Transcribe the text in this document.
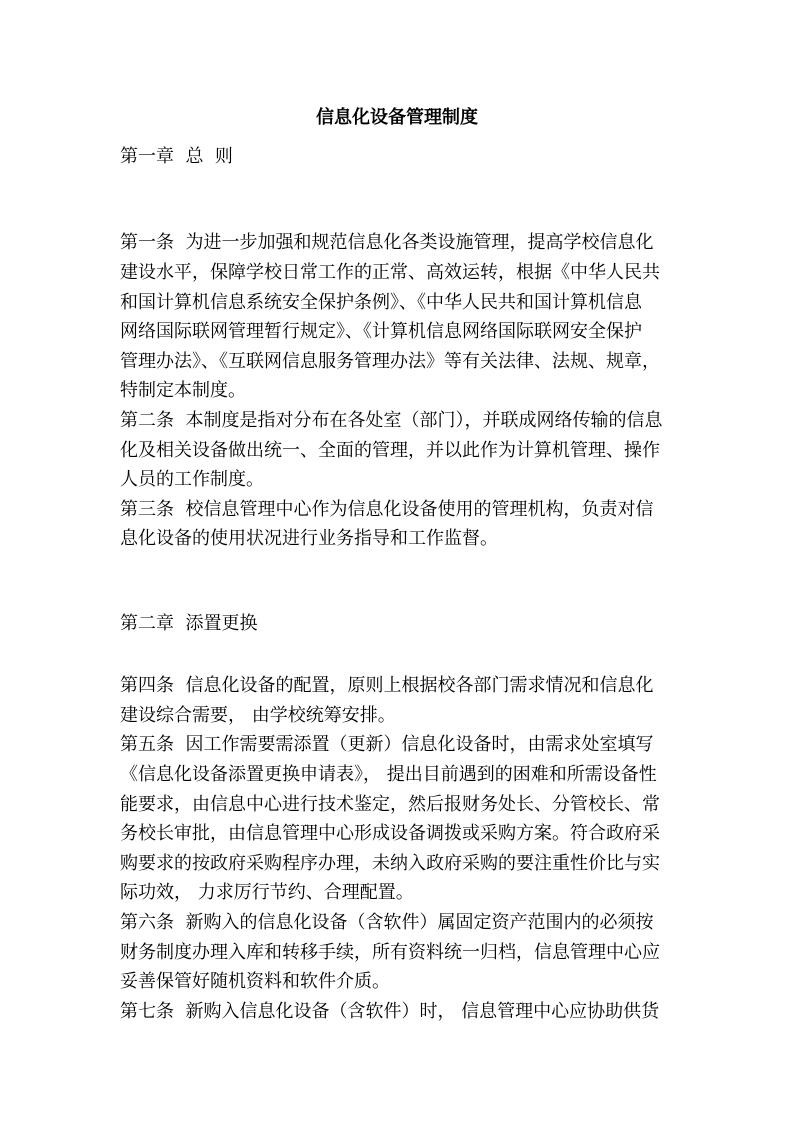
信息化设备管理制度
第一章  总  则
第一条  为进一步加强和规范信息化各类设施管理，提高学校信息化
建设水平，保障学校日常工作的正常、高效运转，根据《中华人民共
和国计算机信息系统安全保护条例》、《中华人民共和国计算机信息
网络国际联网管理暂行规定》、《计算机信息网络国际联网安全保护
管理办法》、《互联网信息服务管理办法》等有关法律、法规、规章，
特制定本制度。
第二条  本制度是指对分布在各处室（部门），并联成网络传输的信息
化及相关设备做出统一、全面的管理，并以此作为计算机管理、操作
人员的工作制度。
第三条  校信息管理中心作为信息化设备使用的管理机构，负责对信
息化设备的使用状况进行业务指导和工作监督。
第二章  添置更换
第四条  信息化设备的配置，原则上根据校各部门需求情况和信息化
建设综合需要， 由学校统筹安排。
第五条  因工作需要需添置（更新）信息化设备时，由需求处室填写
《信息化设备添置更换申请表》， 提出目前遇到的困难和所需设备性
能要求，由信息中心进行技术鉴定，然后报财务处长、分管校长、常
务校长审批，由信息管理中心形成设备调拨或采购方案。符合政府采
购要求的按政府采购程序办理，未纳入政府采购的要注重性价比与实
际功效， 力求厉行节约、合理配置。
第六条  新购入的信息化设备（含软件）属固定资产范围内的必须按
财务制度办理入库和转移手续，所有资料统一归档，信息管理中心应
妥善保管好随机资料和软件介质。
第七条  新购入信息化设备（含软件）时， 信息管理中心应协助供货
